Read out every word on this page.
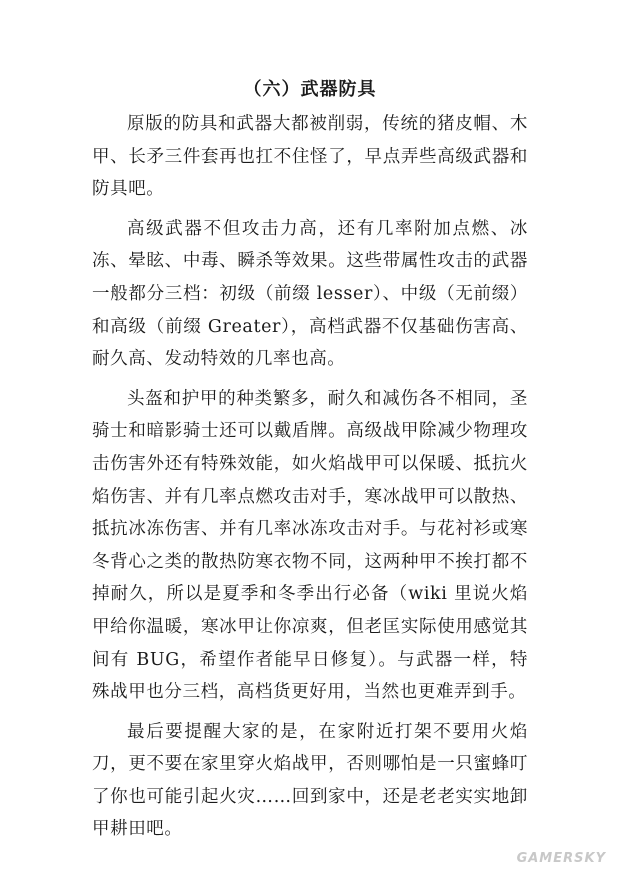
（六）武器防具

原版的防具和武器大都被削弱，传统的猪皮帽、木甲、长矛三件套再也扛不住怪了，早点弄些高级武器和防具吧。

高级武器不但攻击力高，还有几率附加点燃、冰冻、晕眩、中毒、瞬杀等效果。这些带属性攻击的武器一般都分三档：初级（前缀 lesser）、中级（无前缀）和高级（前缀 Greater），高档武器不仅基础伤害高、耐久高、发动特效的几率也高。

头盔和护甲的种类繁多，耐久和减伤各不相同，圣骑士和暗影骑士还可以戴盾牌。高级战甲除减少物理攻击伤害外还有特殊效能，如火焰战甲可以保暖、抵抗火焰伤害、并有几率点燃攻击对手，寒冰战甲可以散热、抵抗冰冻伤害、并有几率冰冻攻击对手。与花衬衫或寒冬背心之类的散热防寒衣物不同，这两种甲不挨打都不掉耐久，所以是夏季和冬季出行必备（wiki 里说火焰甲给你温暖，寒冰甲让你凉爽，但老匡实际使用感觉其间有 BUG，希望作者能早日修复）。与武器一样，特殊战甲也分三档，高档货更好用，当然也更难弄到手。

最后要提醒大家的是，在家附近打架不要用火焰刀，更不要在家里穿火焰战甲，否则哪怕是一只蜜蜂叮了你也可能引起火灾……回到家中，还是老老实实地卸甲耕田吧。

GAMERSKY
